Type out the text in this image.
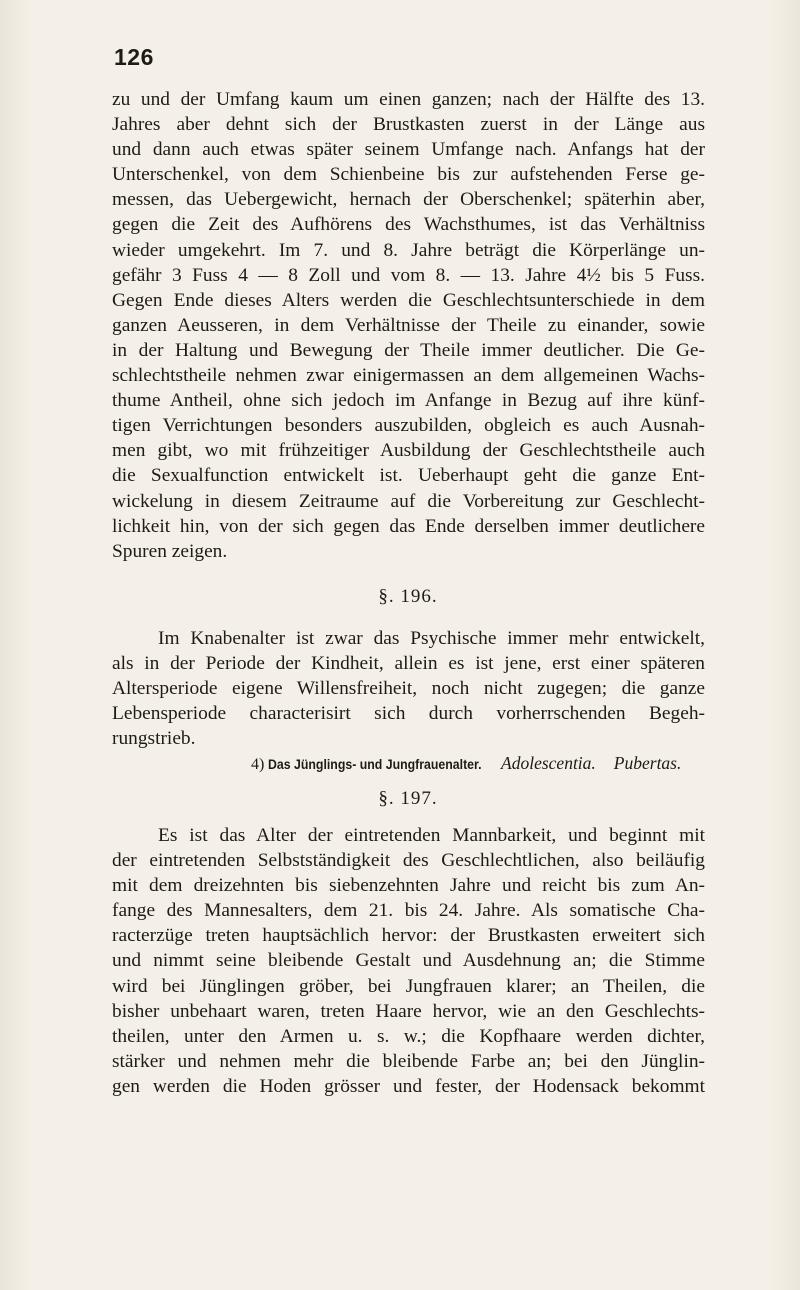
126
zu und der Umfang kaum um einen ganzen; nach der Hälfte des 13.
Jahres aber dehnt sich der Brustkasten zuerst in der Länge aus
und dann auch etwas später seinem Umfange nach. Anfangs hat der
Unterschenkel, von dem Schienbeine bis zur aufstehenden Ferse ge-
messen, das Uebergewicht, hernach der Oberschenkel; späterhin aber,
gegen die Zeit des Aufhörens des Wachsthumes, ist das Verhältniss
wieder umgekehrt. Im 7. und 8. Jahre beträgt die Körperlänge un-
gefähr 3 Fuss 4 — 8 Zoll und vom 8. — 13. Jahre 4½ bis 5 Fuss.
Gegen Ende dieses Alters werden die Geschlechtsunterschiede in dem
ganzen Aeusseren, in dem Verhältnisse der Theile zu einander, sowie
in der Haltung und Bewegung der Theile immer deutlicher. Die Ge-
schlechtstheile nehmen zwar einigermassen an dem allgemeinen Wachs-
thume Antheil, ohne sich jedoch im Anfange in Bezug auf ihre künf-
tigen Verrichtungen besonders auszubilden, obgleich es auch Ausnah-
men gibt, wo mit frühzeitiger Ausbildung der Geschlechtstheile auch
die Sexualfunction entwickelt ist. Ueberhaupt geht die ganze Ent-
wickelung in diesem Zeitraume auf die Vorbereitung zur Geschlecht-
lichkeit hin, von der sich gegen das Ende derselben immer deutlichere
Spuren zeigen.
§. 196.
Im Knabenalter ist zwar das Psychische immer mehr entwickelt,
als in der Periode der Kindheit, allein es ist jene, erst einer späteren
Altersperiode eigene Willensfreiheit, noch nicht zugegen; die ganze
Lebensperiode characterisirt sich durch vorherrschenden Begeh-
rungstrieb.
4) Das Jünglings- und Jungfrauenalter. Adolescentia. Pubertas.
§. 197.
Es ist das Alter der eintretenden Mannbarkeit, und beginnt mit
der eintretenden Selbstständigkeit des Geschlechtlichen, also beiläufig
mit dem dreizehnten bis siebenzehnten Jahre und reicht bis zum An-
fange des Mannesalters, dem 21. bis 24. Jahre. Als somatische Cha-
racterzüge treten hauptsächlich hervor: der Brustkasten erweitert sich
und nimmt seine bleibende Gestalt und Ausdehnung an; die Stimme
wird bei Jünglingen gröber, bei Jungfrauen klarer; an Theilen, die
bisher unbehaart waren, treten Haare hervor, wie an den Geschlechts-
theilen, unter den Armen u. s. w.; die Kopfhaare werden dichter,
stärker und nehmen mehr die bleibende Farbe an; bei den Jünglin-
gen werden die Hoden grösser und fester, der Hodensack bekommt
